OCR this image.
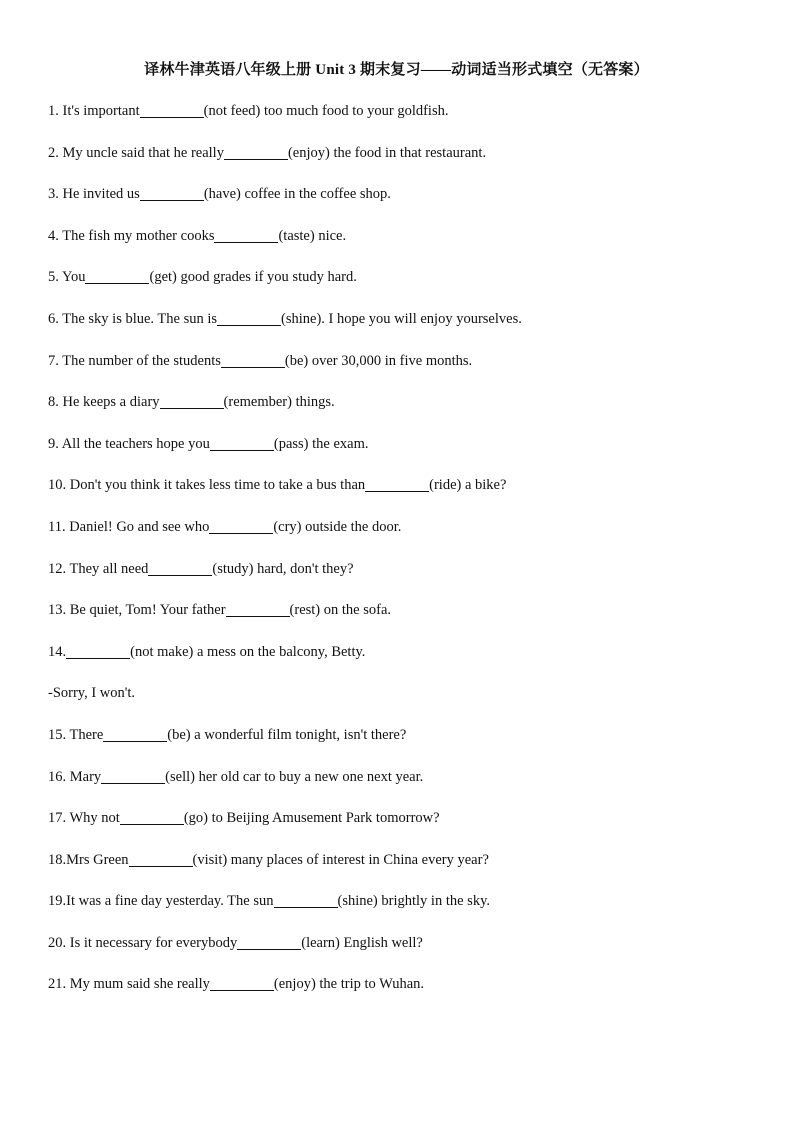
译林牛津英语八年级上册 Unit 3 期末复习——动词适当形式填空（无答案）
1. It's important	(not feed) too much food to your goldfish.
2. My uncle said that he really	(enjoy) the food in that restaurant.
3. He invited us	(have) coffee in the coffee shop.
4. The fish my mother cooks	(taste) nice.
5. You	(get) good grades if you study hard.
6. The sky is blue. The sun is	(shine). I hope you will enjoy yourselves.
7. The number of the students	(be) over 30,000 in five months.
8. He keeps a diary	(remember) things.
9. All the teachers hope you	(pass) the exam.
10. Don't you think it takes less time to take a bus than	(ride) a bike?
11. Daniel! Go and see who	(cry) outside the door.
12. They all need	(study) hard, don't they?
13. Be quiet, Tom! Your father	(rest) on the sofa.
14.	(not make) a mess on the balcony, Betty.
-Sorry, I won't.
15. There	(be) a wonderful film tonight, isn't there?
16. Mary	(sell) her old car to buy a new one next year.
17. Why not	(go) to Beijing Amusement Park tomorrow?
18.Mrs Green	(visit) many places of interest in China every year?
19.It was a fine day yesterday. The sun	(shine) brightly in the sky.
20. Is it necessary for everybody	(learn) English well?
21. My mum said she really	(enjoy) the trip to Wuhan.
